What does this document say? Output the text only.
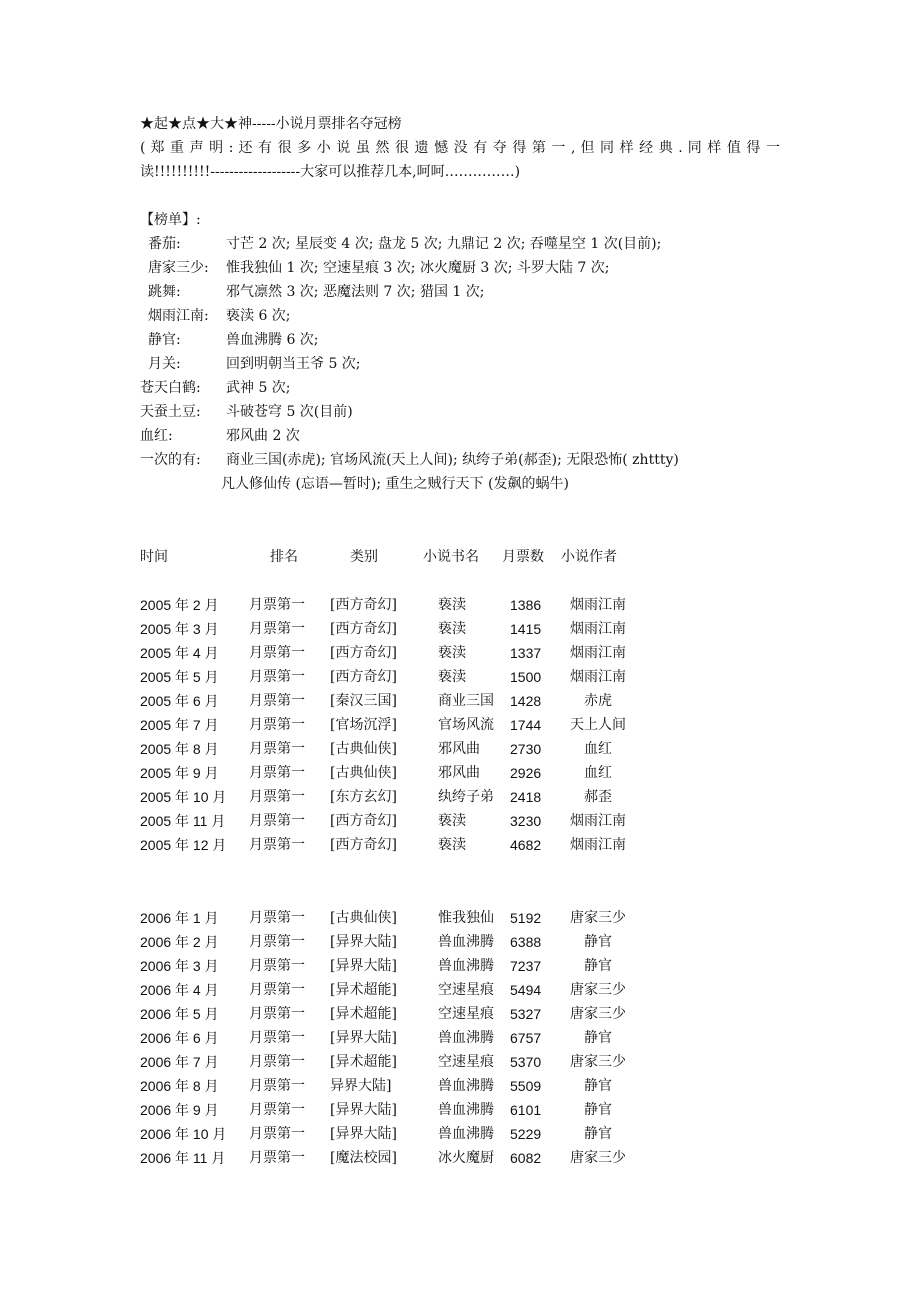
★起★点★大★神-----小说月票排名夺冠榜
( 郑 重 声 明 : 还 有 很 多 小 说 虽 然 很 遗 憾 没 有 夺 得 第 一 , 但 同 样 经 典 . 同 样 值 得 一
读!!!!!!!!!!-------------------大家可以推荐几本,呵呵……………)
【榜单】:
番茄:	寸芒 2 次; 星辰变 4 次; 盘龙 5 次; 九鼎记 2 次; 吞噬星空 1 次(目前);
唐家三少: 惟我独仙 1 次; 空速星痕 3 次; 冰火魔厨 3 次; 斗罗大陆 7 次;
跳舞:	邪气凛然 3 次; 恶魔法则 7 次; 猎国 1 次;
烟雨江南: 亵渎 6 次;
静官:	兽血沸腾 6 次;
月关:	回到明朝当王爷 5 次;
苍天白鹤: 武神 5 次;
天蚕土豆: 斗破苍穹 5 次(目前)
血红:	邪风曲 2 次
一次的有: 商业三国(赤虎); 官场风流(天上人间); 纨绔子弟(郝歪); 无限恐怖( zhttty)
凡人修仙传 (忘语—暂时); 重生之贼行天下 (发飙的蜗牛)
时间	排名	类别	小说书名 月票数 小说作者
2005 年 2 月 月票第一 [西方奇幻]	亵渎	1386	烟雨江南
2005 年 3 月 月票第一 [西方奇幻]	亵渎	1415	烟雨江南
2005 年 4 月 月票第一 [西方奇幻]	亵渎	1337	烟雨江南
2005 年 5 月 月票第一 [西方奇幻]	亵渎	1500	烟雨江南
2005 年 6 月 月票第一 [秦汉三国]	商业三国 1428	赤虎
2005 年 7 月 月票第一 [官场沉浮]	官场风流 1744	天上人间
2005 年 8 月 月票第一 [古典仙侠]	邪风曲 2730	血红
2005 年 9 月 月票第一 [古典仙侠]	邪风曲 2926	血红
2005 年 10 月 月票第一 [东方玄幻]	纨绔子弟 2418	郝歪
2005 年 11 月 月票第一 [西方奇幻]	亵渎	3230	烟雨江南
2005 年 12 月 月票第一 [西方奇幻]	亵渎	4682	烟雨江南
2006 年 1 月 月票第一 [古典仙侠]	惟我独仙 5192	唐家三少
2006 年 2 月 月票第一 [异界大陆]	兽血沸腾 6388	静官
2006 年 3 月 月票第一 [异界大陆]	兽血沸腾 7237	静官
2006 年 4 月 月票第一 [异术超能]	空速星痕 5494	唐家三少
2006 年 5 月 月票第一 [异术超能]	空速星痕 5327	唐家三少
2006 年 6 月 月票第一 [异界大陆]	兽血沸腾 6757	静官
2006 年 7 月 月票第一 [异术超能]	空速星痕 5370	唐家三少
2006 年 8 月 月票第一 异界大陆]	兽血沸腾 5509	静官
2006 年 9 月 月票第一 [异界大陆]	兽血沸腾 6101	静官
2006 年 10 月 月票第一 [异界大陆]	兽血沸腾 5229	静官
2006 年 11 月 月票第一 [魔法校园]	冰火魔厨 6082	唐家三少
